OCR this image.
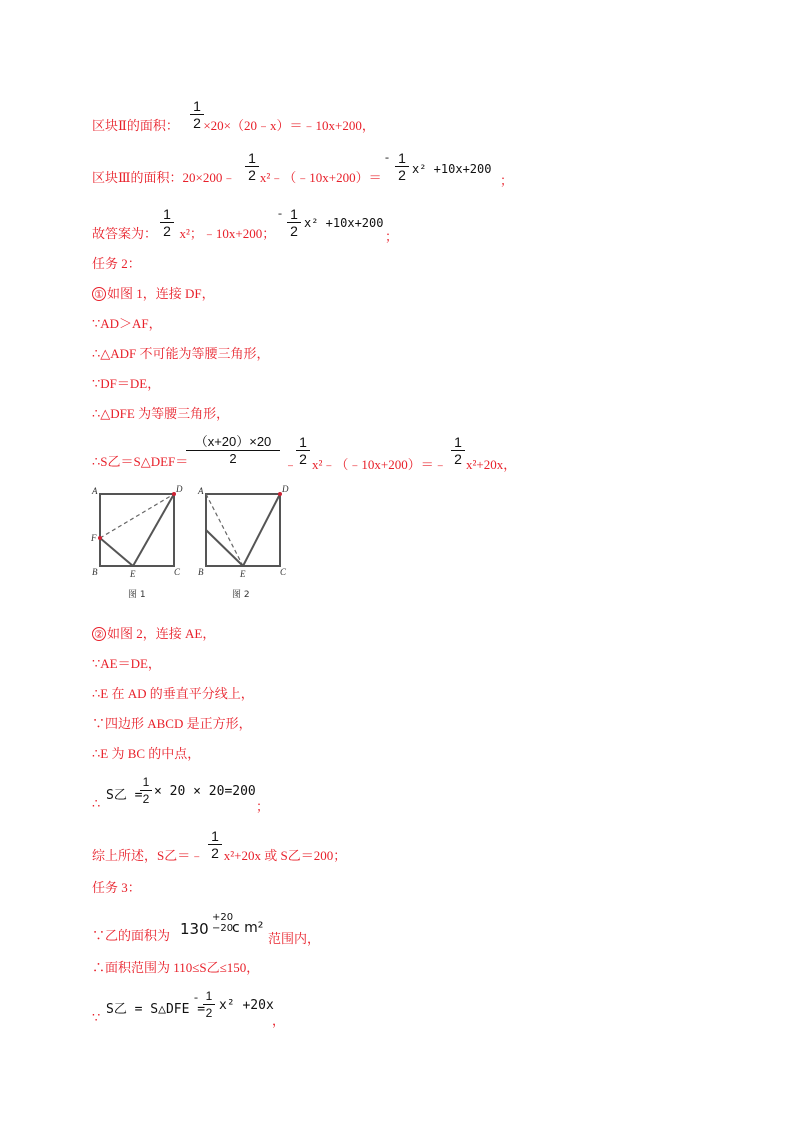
区块Ⅱ的面积： ×20×（20﹣x）＝﹣10x+200，
$\frac{1}{2}$
区块Ⅲ的面积：20×200﹣ x²﹣（﹣10x+200）＝
$\frac{1}{2}$	- $\frac{1}{2} x^2 +10x+200$
；
故答案为： x²；﹣10x+200；
$\frac{1}{2}$	- $\frac{1}{2} x^2 +10x+200$
；
任务 2：
① 如图 1，连接 DF，
∵AD＞AF，
∴△ADF 不可能为等腰三角形，
∵DF＝DE，
∴△DFE 为等腰三角形，
∴S乙＝S△DEF＝
$\frac{(x+20)\times 20}{2}$ ﹣
$\frac{1}{2}$ x²﹣（﹣10x+200）＝﹣ $\frac{1}{2} x^2+20x$，
A	D
F
B	E	C
图 1
A	D
B	E	C
图 2
② 如图 2，连接 AE，
∵AE＝DE，
∴E 在 AD 的垂直平分线上，
∵四边形 ABCD 是正方形，
∴E 为 BC 的中点，
∴
S乙 =
$\frac{1}{2} \times 20 \times 20=200$
；
综上所述，S乙＝﹣ x²+20x 或 S乙＝200；
$\frac{1}{2}$
任务 3：
∵乙的面积为 130
+20
−20
c m²
范围内，
∴面积范围为 110≤S乙≤150，
∵
S乙 = S△DFE =
- $\frac{1}{2} x^2 +20x$
，
